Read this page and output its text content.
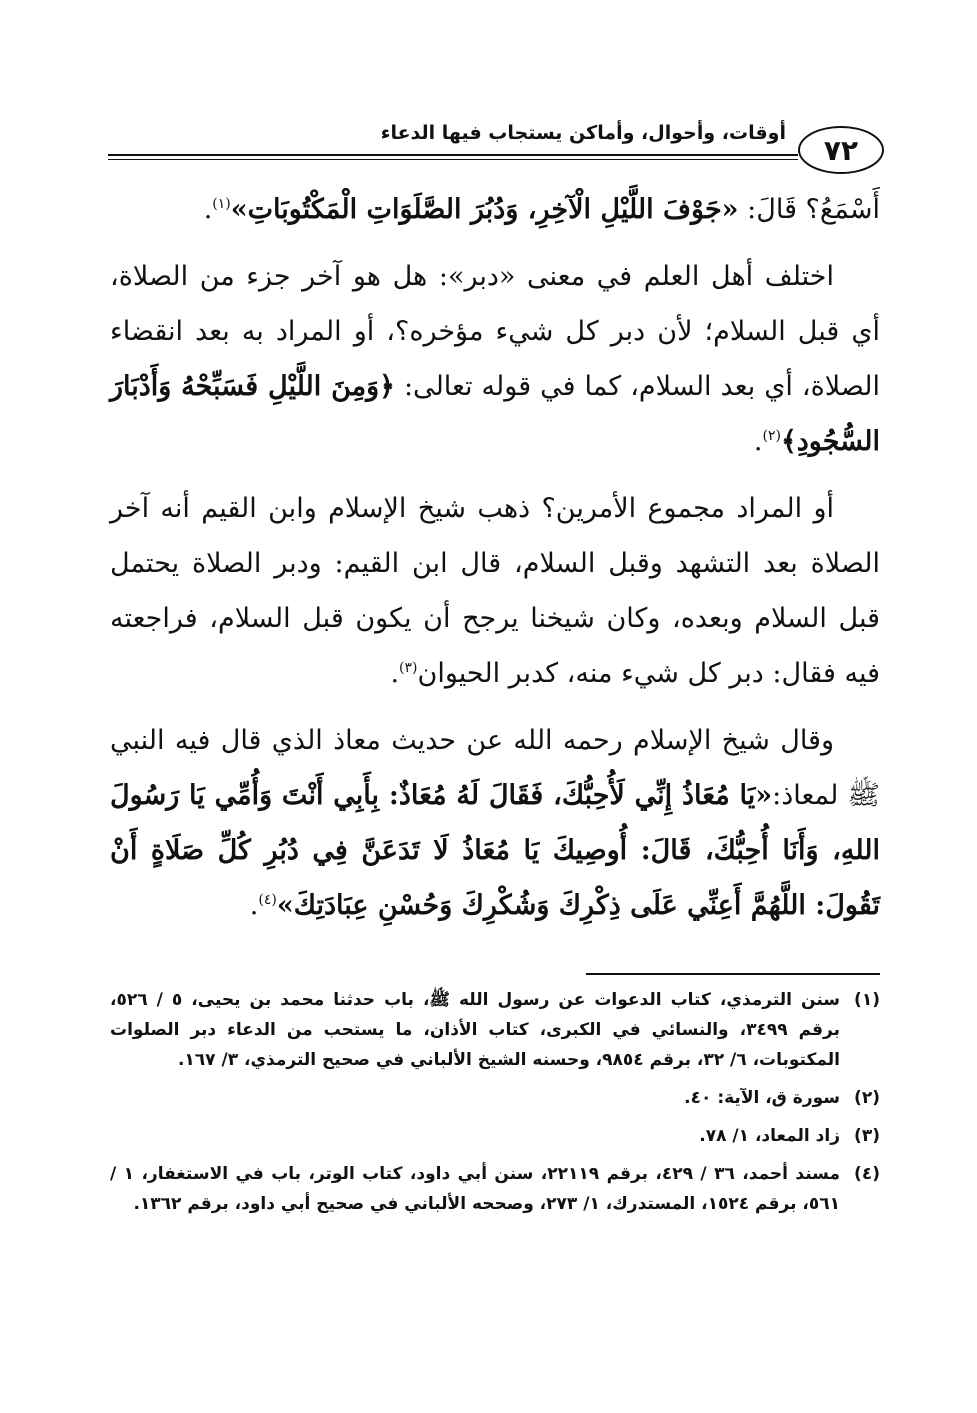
أوقات، وأحوال، وأماكن يستجاب فيها الدعاء
٧٢

أَسْمَعُ؟ قَالَ: «جَوْفَ اللَّيْلِ الْآخِرِ، وَدُبُرَ الصَّلَوَاتِ الْمَكْتُوبَاتِ»$^{(١)}$.

اختلف أهل العلم في معنى «دبر»: هل هو آخر جزء من الصلاة، أي قبل السلام؛ لأن دبر كل شيء مؤخره؟، أو المراد به بعد انقضاء الصلاة، أي بعد السلام، كما في قوله تعالى: ﴿وَمِنَ اللَّيْلِ فَسَبِّحْهُ وَأَدْبَارَ السُّجُودِ﴾$^{(٢)}$.

أو المراد مجموع الأمرين؟ ذهب شيخ الإسلام وابن القيم أنه آخر الصلاة بعد التشهد وقبل السلام، قال ابن القيم: ودبر الصلاة يحتمل قبل السلام وبعده، وكان شيخنا يرجح أن يكون قبل السلام، فراجعته فيه فقال: دبر كل شيء منه، كدبر الحيوان$^{(٣)}$.

وقال شيخ الإسلام رحمه الله عن حديث معاذ الذي قال فيه النبي ﷺ لمعاذ:«يَا مُعَاذُ إِنِّي لَأُحِبُّكَ، فَقَالَ لَهُ مُعَاذٌ: بِأَبِي أَنْتَ وَأُمِّي يَا رَسُولَ اللهِ، وَأَنَا أُحِبُّكَ، قَالَ: أُوصِيكَ يَا مُعَاذُ لَا تَدَعَنَّ فِي دُبُرِ كُلِّ صَلَاةٍ أَنْ تَقُولَ: اللَّهُمَّ أَعِنِّي عَلَى ذِكْرِكَ وَشُكْرِكَ وَحُسْنِ عِبَادَتِكَ»$^{(٤)}$.

(١)
سنن الترمذي، كتاب الدعوات عن رسول الله ﷺ، باب حدثنا محمد بن يحيى، ٥ / ٥٢٦، برقم ٣٤٩٩، والنسائي في الكبرى، كتاب الأذان، ما يستحب من الدعاء دبر الصلوات المكتوبات، ٦/ ٣٢، برقم ٩٨٥٤، وحسنه الشيخ الألباني في صحيح الترمذي، ٣/ ١٦٧.
(٢)
سورة ق، الآية: ٤٠.
(٣)
زاد المعاد، ١/ ٧٨.
(٤)
مسند أحمد، ٣٦ / ٤٢٩، برقم ٢٢١١٩، سنن أبي داود، كتاب الوتر، باب في الاستغفار، ١ / ٥٦١، برقم ١٥٢٤، المستدرك، ١/ ٢٧٣، وصححه الألباني في صحيح أبي داود، برقم ١٣٦٢.
